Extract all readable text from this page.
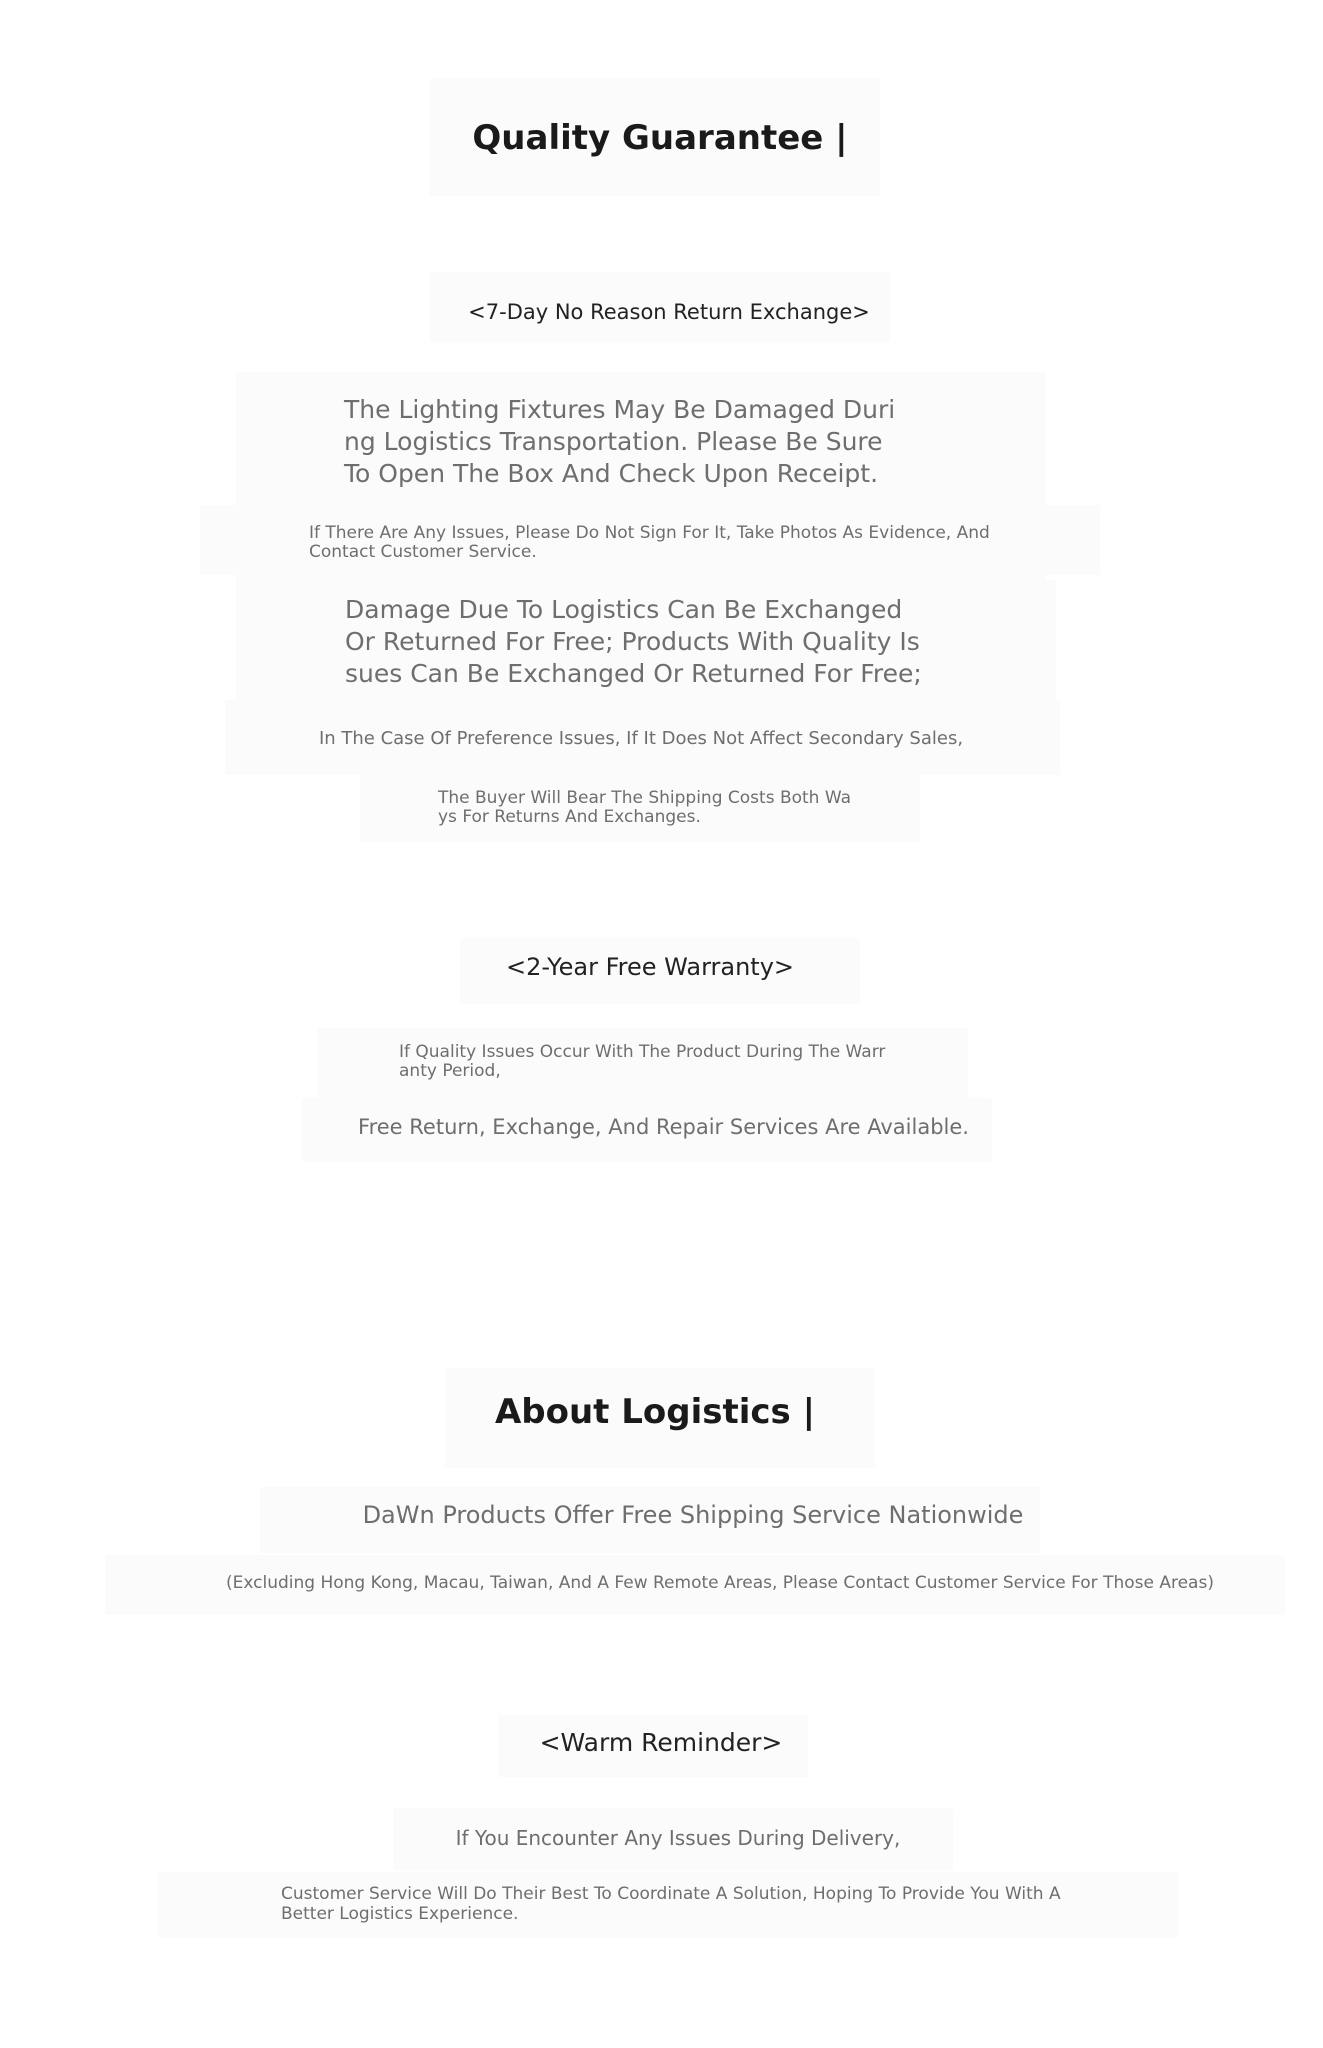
Quality Guarantee |
<7-Day No Reason Return Exchange>
The Lighting Fixtures May Be Damaged Duri
ng Logistics Transportation. Please Be Sure
To Open The Box And Check Upon Receipt.
If There Are Any Issues, Please Do Not Sign For It, Take Photos As Evidence, And
Contact Customer Service.
Damage Due To Logistics Can Be Exchanged
Or Returned For Free; Products With Quality Is
sues Can Be Exchanged Or Returned For Free;
In The Case Of Preference Issues, If It Does Not Affect Secondary Sales,
The Buyer Will Bear The Shipping Costs Both Wa
ys For Returns And Exchanges.
<2-Year Free Warranty>
If Quality Issues Occur With The Product During The Warr
anty Period,
Free Return, Exchange, And Repair Services Are Available.
About Logistics |
DaWn Products Offer Free Shipping Service Nationwide
(Excluding Hong Kong, Macau, Taiwan, And A Few Remote Areas, Please Contact Customer Service For Those Areas)
<Warm Reminder>
If You Encounter Any Issues During Delivery,
Customer Service Will Do Their Best To Coordinate A Solution, Hoping To Provide You With A
Better Logistics Experience.
